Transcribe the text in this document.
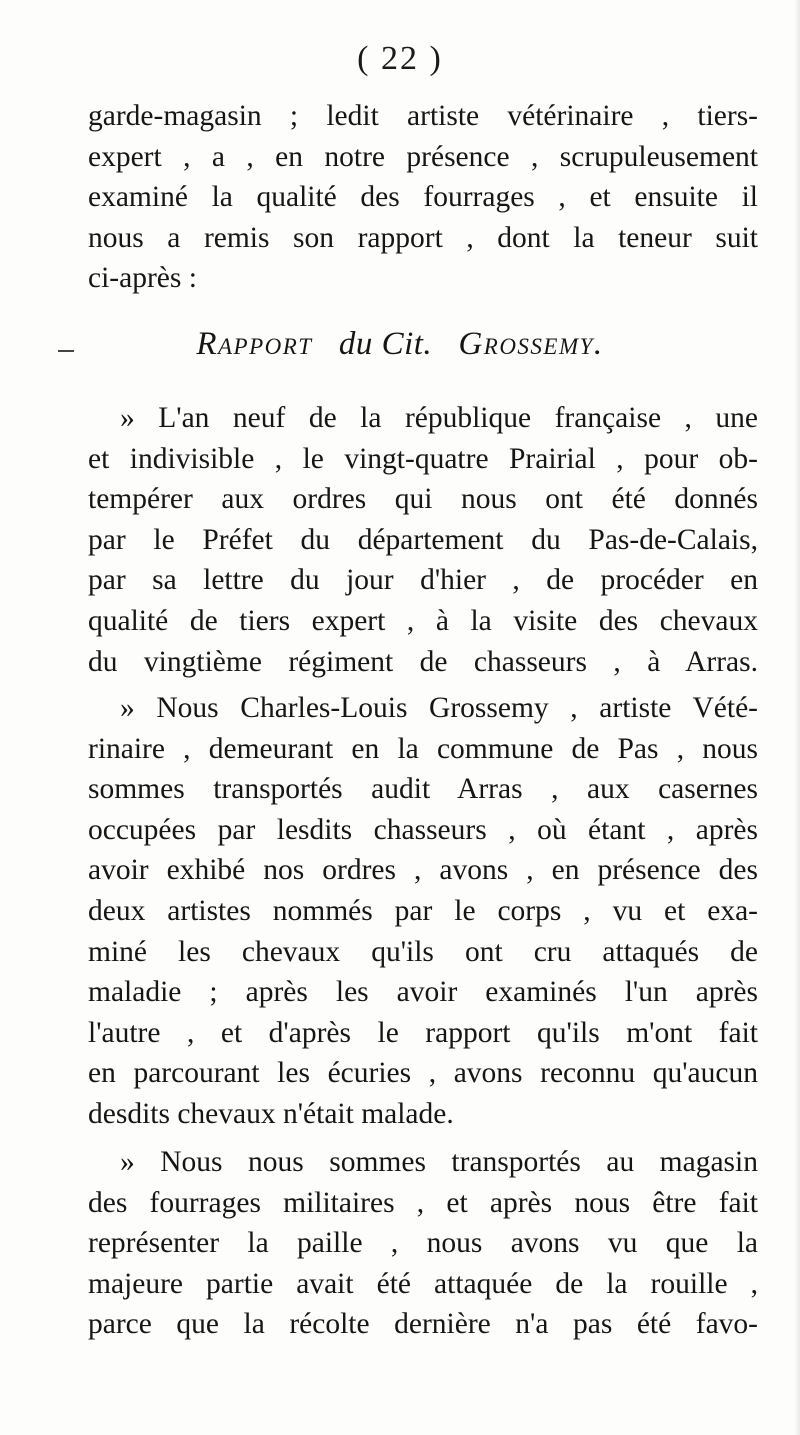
( 22 )
garde-magasin ; ledit artiste vétérinaire , tiers-
expert , a , en notre présence , scrupuleusement
examiné la qualité des fourrages , et ensuite il
nous a remis son rapport , dont la teneur suit
ci-après :
Rapport du Cit. Grossemy.
» L'an neuf de la république française , une
et indivisible , le vingt-quatre Prairial , pour ob-
tempérer aux ordres qui nous ont été donnés
par le Préfet du département du Pas-de-Calais,
par sa lettre du jour d'hier , de procéder en
qualité de tiers expert , à la visite des chevaux
du vingtième régiment de chasseurs , à Arras.
» Nous Charles-Louis Grossemy , artiste Vété-
rinaire , demeurant en la commune de Pas , nous
sommes transportés audit Arras , aux casernes
occupées par lesdits chasseurs , où étant , après
avoir exhibé nos ordres , avons , en présence des
deux artistes nommés par le corps , vu et exa-
miné les chevaux qu'ils ont cru attaqués de
maladie ; après les avoir examinés l'un après
l'autre , et d'après le rapport qu'ils m'ont fait
en parcourant les écuries , avons reconnu qu'aucun
desdits chevaux n'était malade.
» Nous nous sommes transportés au magasin
des fourrages militaires , et après nous être fait
représenter la paille , nous avons vu que la
majeure partie avait été attaquée de la rouille ,
parce que la récolte dernière n'a pas été favo-
